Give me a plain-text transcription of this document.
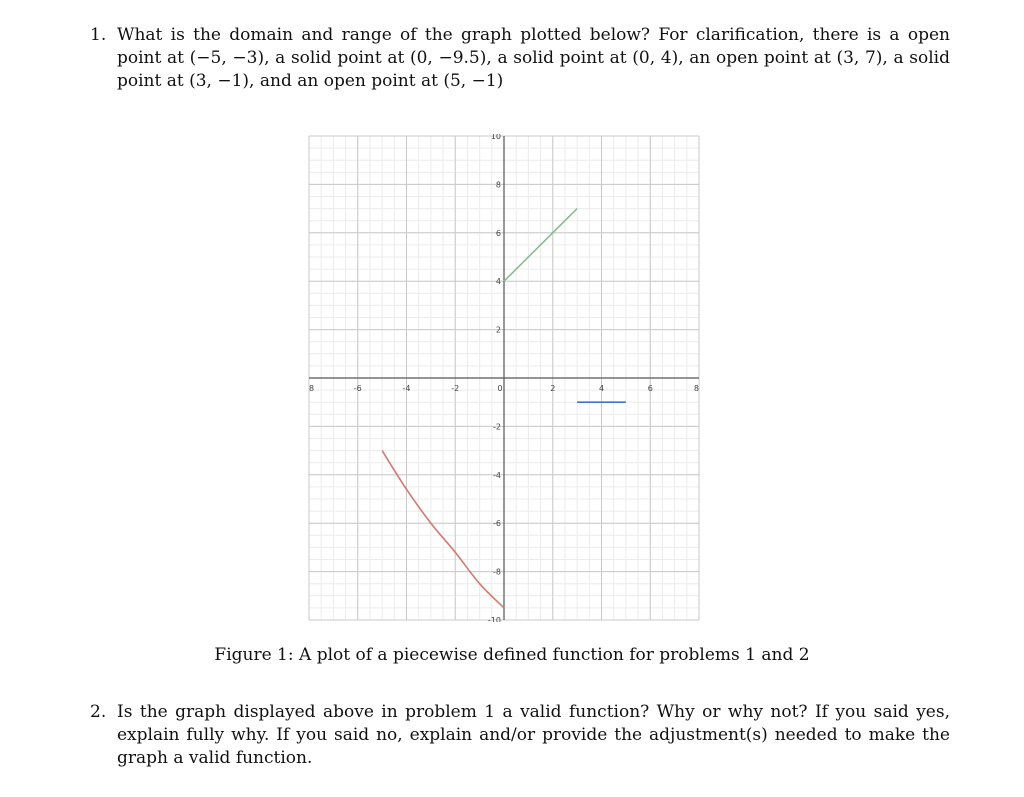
1. What is the domain and range of the graph plotted below? For clarification, there is a open point at (−5, −3), a solid point at (0, −9.5), a solid point at (0, 4), an open point at (3, 7), a solid point at (3, −1), and an open point at (5, −1)
8	-6	-4	-2	0	2	4	6	8
10
8
6
4
2
-2
-4
-6
-8
-10
Figure 1: A plot of a piecewise defined function for problems 1 and 2
2. Is the graph displayed above in problem 1 a valid function? Why or why not? If you said yes, explain fully why. If you said no, explain and/or provide the adjustment(s) needed to make the graph a valid function.
